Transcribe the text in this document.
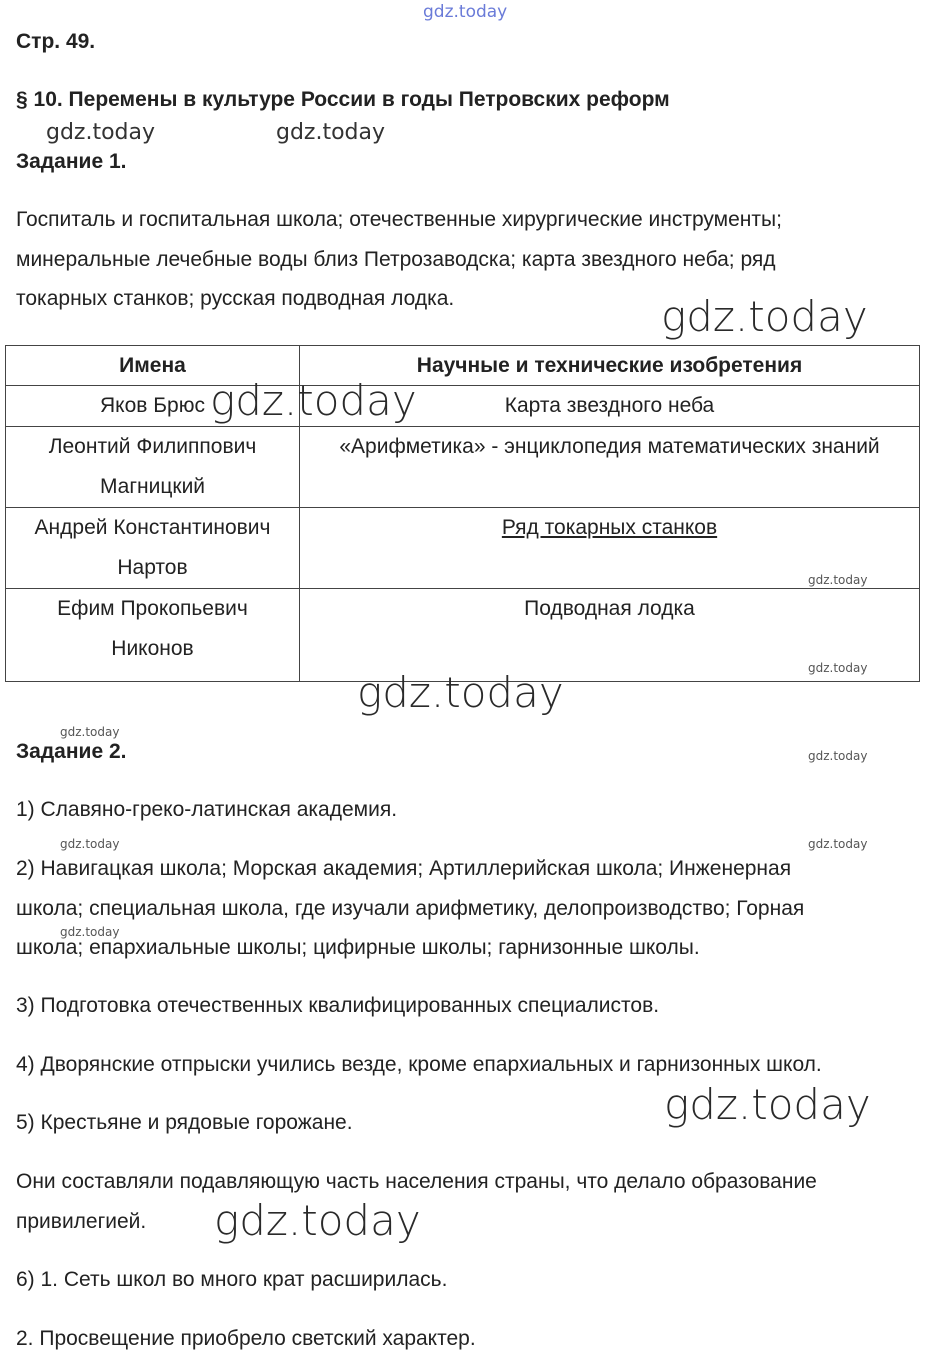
gdz.today
Стр. 49.
§ 10. Перемены в культуре России в годы Петровских реформ
gdz.today	gdz.today
Задание 1.
Госпиталь и госпитальная школа; отечественные хирургические инструменты;
минеральные лечебные воды близ Петрозаводска; карта звездного неба; ряд
токарных станков; русская подводная лодка.	gdz.today
Имена	Научные и технические изобретения
Яков Брюс	Карта звездного неба

Леонтий Филиппович
Магницкий	«Арифметика» - энциклопедия математических знаний

Андрей Константинович
Нартов	Ряд токарных станков

Ефим Прокопьевич
Никонов	Подводная лодка
gdz.today
gdz.today
gdz.today
gdz.today
gdz.today
gdz.today
Задание 2.
1) Славяно-греко-латинская академия.
gdz.today	gdz.today
2) Навигацкая школа; Морская академия; Артиллерийская школа; Инженерная
школа; специальная школа, где изучали арифметику, делопроизводство; Горная
gdz.today
школа; епархиальные школы; цифирные школы; гарнизонные школы.
3) Подготовка отечественных квалифицированных специалистов.
4) Дворянские отпрыски учились везде, кроме епархиальных и гарнизонных школ.
gdz.today
5) Крестьяне и рядовые горожане.
Они составляли подавляющую часть населения страны, что делало образование
привилегией. gdz.today
6) 1. Сеть школ во много крат расширилась.
2. Просвещение приобрело светский характер.
